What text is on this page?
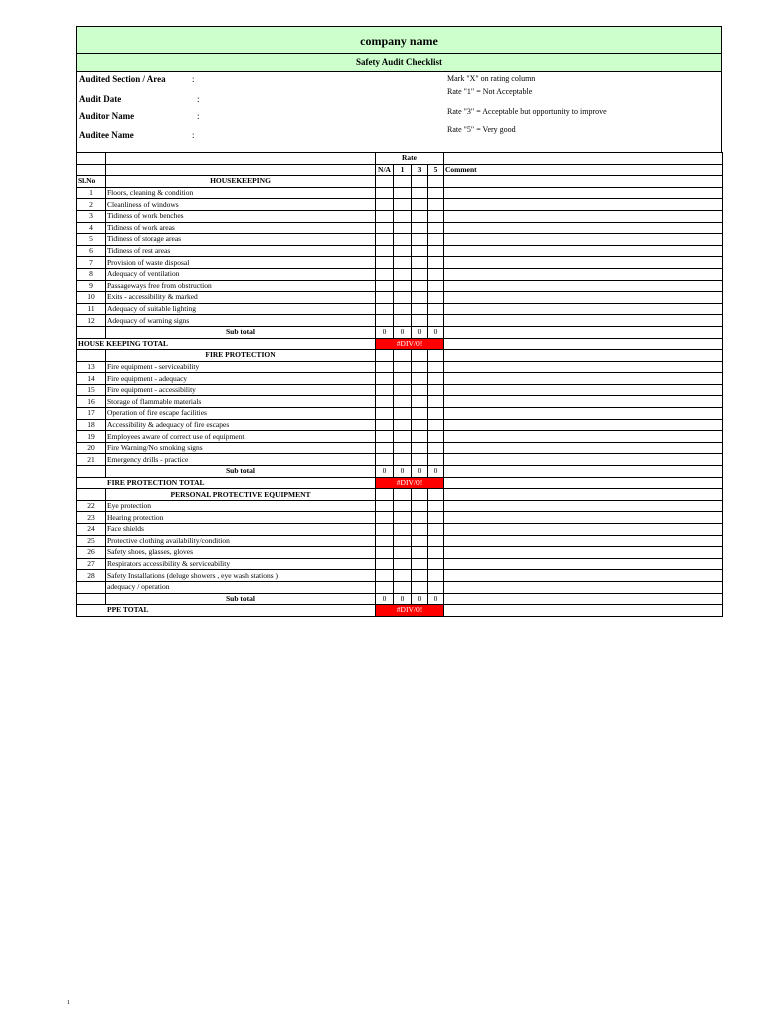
company name
Safety Audit Checklist
Audited Section / Area	:
Audit Date	:
Auditor Name	:
Auditee Name	:
Mark "X" on rating column
Rate "1" = Not Acceptable
Rate "3" = Acceptable but opportunity to improve
Rate "5" = Very good
		Rate				
		N/A	1	3	5	Comment
Sl.No	HOUSEKEEPING					
1	Floors, cleaning & condition					
2	Cleanliness of windows					
3	Tidiness of work benches					
4	Tidiness of work areas					
5	Tidiness of storage areas					
6	Tidiness of rest areas					
7	Provision of waste disposal					
8	Adequacy of ventilation					
9	Passageways free from obstruction					
10	Exits - accessibility & marked					
11	Adequacy of suitable lighting					
12	Adequacy of warning signs					
	Sub total	0	0	0	0	
HOUSE KEEPING TOTAL		#DIV/0!				
	FIRE PROTECTION					
13	Fire equipment - serviceability					
14	Fire equipment - adequacy					
15	Fire equipment - accessibility					
16	Storage of flammable materials					
17	Operation of fire escape facilities					
18	Accessibility & adequacy of fire escapes					
19	Employees aware of correct use of equipment					
20	Fire Warning/No smoking signs					
21	Emergency drills - practice					
	Sub total	0	0	0	0	
FIRE PROTECTION TOTAL		#DIV/0!				
	PERSONAL PROTECTIVE EQUIPMENT					
22	Eye protection					
23	Hearing protection					
24	Face shields					
25	Protective clothing availability/condition					
26	Safety shoes, glasses, gloves					
27	Respirators accessibility & serviceability					
28	Safety Installations (deluge showers , eye wash stations )					
	adequacy / operation					
	Sub total	0	0	0	0	
PPE TOTAL		#DIV/0!				
1
